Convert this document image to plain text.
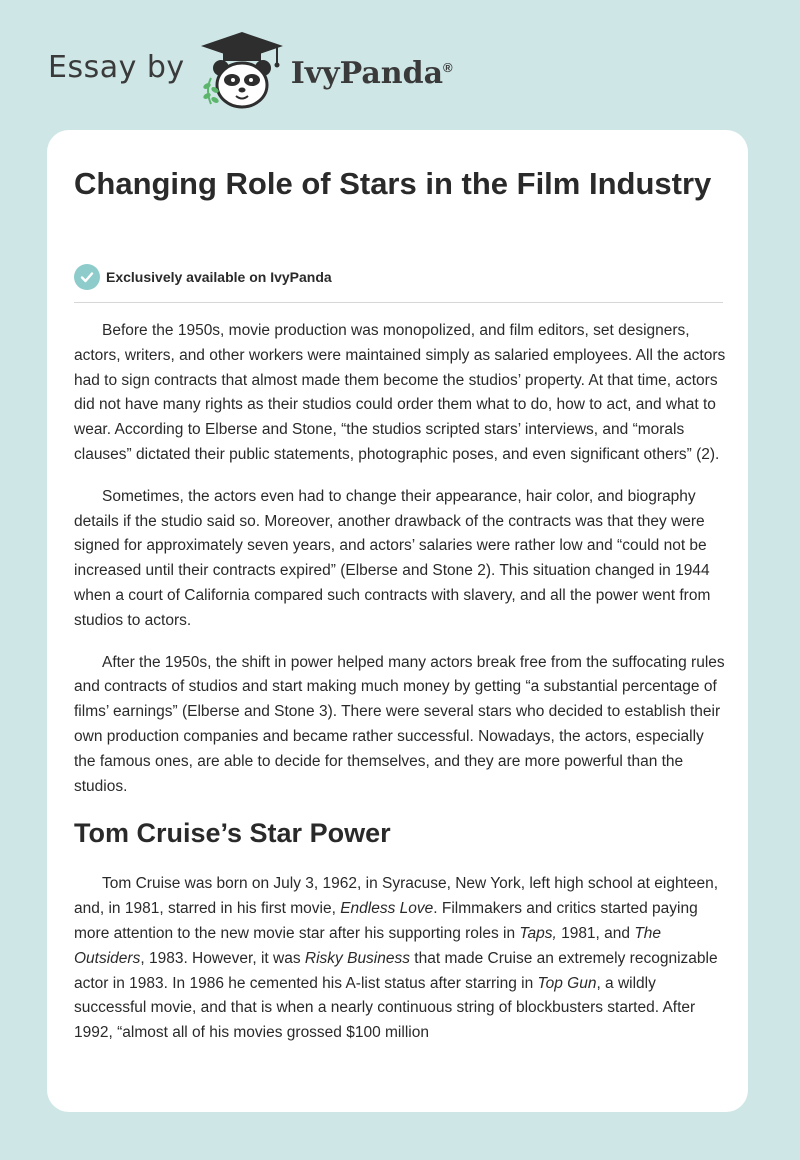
Essay by	IvyPanda®
Changing Role of Stars in the Film Industry
Exclusively available on IvyPanda

Before the 1950s, movie production was monopolized, and film editors, set designers, actors, writers, and other workers were maintained simply as salaried employees. All the actors had to sign contracts that almost made them become the studios’ property. At that time, actors did not have many rights as their studios could order them what to do, how to act, and what to wear. According to Elberse and Stone, “the studios scripted stars’ interviews, and “morals clauses” dictated their public statements, photographic poses, and even significant others” (2).

Sometimes, the actors even had to change their appearance, hair color, and biography details if the studio said so. Moreover, another drawback of the contracts was that they were signed for approximately seven years, and actors’ salaries were rather low and “could not be increased until their contracts expired” (Elberse and Stone 2). This situation changed in 1944 when a court of California compared such contracts with slavery, and all the power went from studios to actors.

After the 1950s, the shift in power helped many actors break free from the suffocating rules and contracts of studios and start making much money by getting “a substantial percentage of films’ earnings” (Elberse and Stone 3). There were several stars who decided to establish their own production companies and became rather successful. Nowadays, the actors, especially the famous ones, are able to decide for themselves, and they are more powerful than the studios.

Tom Cruise’s Star Power

Tom Cruise was born on July 3, 1962, in Syracuse, New York, left high school at eighteen, and, in 1981, starred in his first movie, Endless Love. Filmmakers and critics started paying more attention to the new movie star after his supporting roles in Taps, 1981, and The Outsiders, 1983. However, it was Risky Business that made Cruise an extremely recognizable actor in 1983. In 1986 he cemented his A-list status after starring in Top Gun, a wildly successful movie, and that is when a nearly continuous string of blockbusters started. After 1992, “almost all of his movies grossed $100 million
